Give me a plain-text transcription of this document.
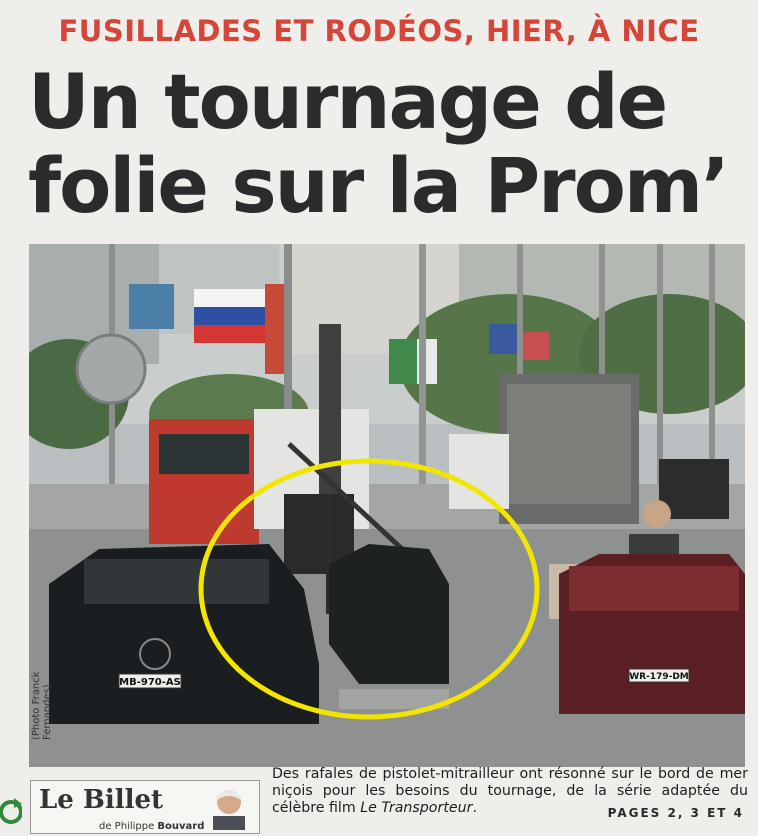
FUSILLADES ET RODÉOS, HIER, À NICE
Un tournage de
folie sur la Prom’
MB-970-AS	WR-179-DM
(Photo Franck Fernandes)
Le Billet
de Philippe Bouvard
Des rafales de pistolet-mitrailleur ont résonné sur le bord de mer niçois pour les besoins du tournage, de la série adaptée du célèbre film Le Transporteur.	PAGES 2, 3 ET 4
